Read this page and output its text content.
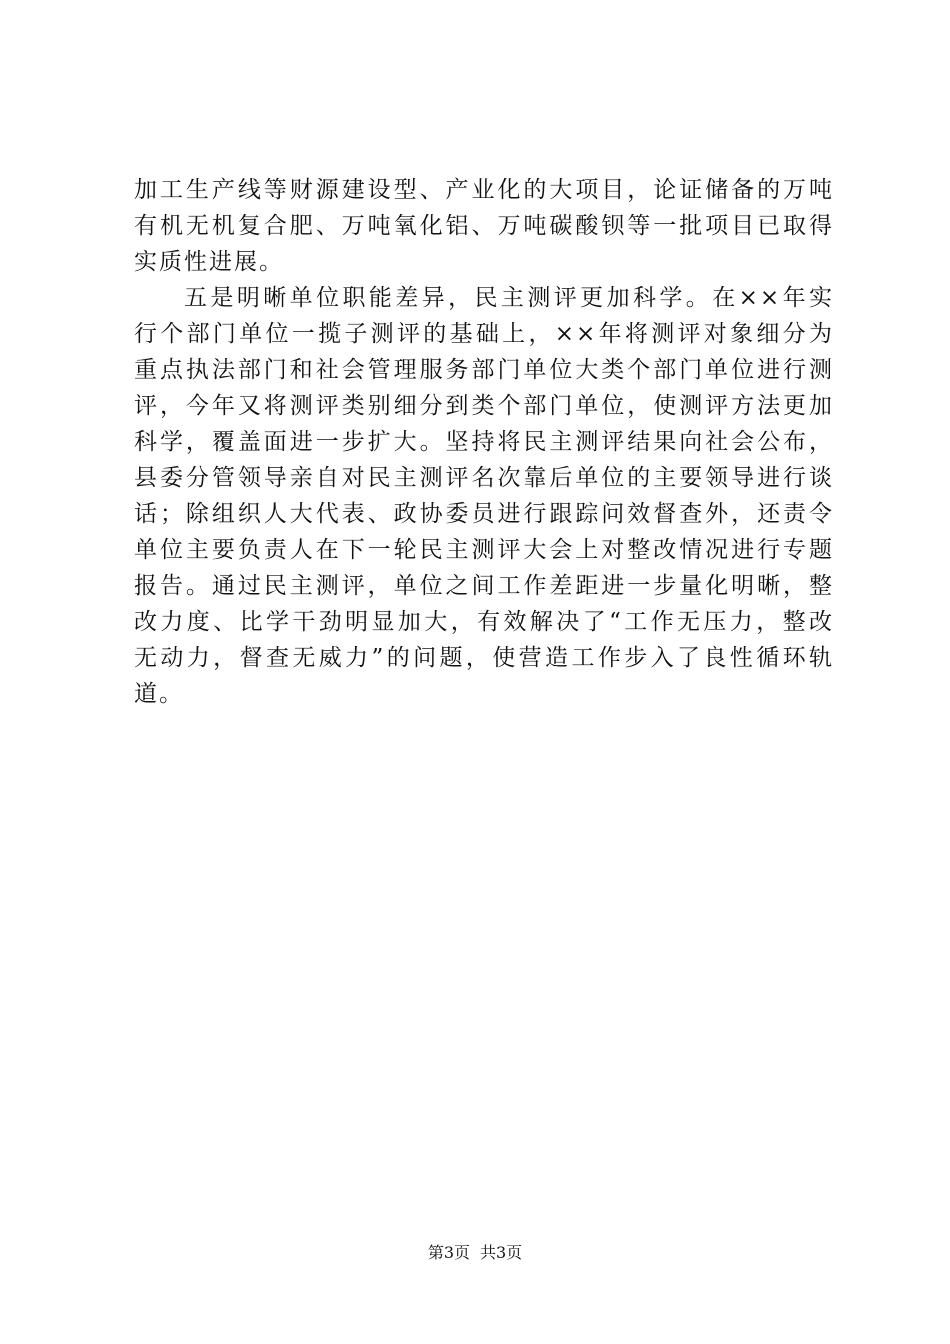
加工生产线等财源建设型、产业化的大项目，论证储备的万吨
有机无机复合肥、万吨氧化铝、万吨碳酸钡等一批项目已取得
实质性进展。
五是明晰单位职能差异，民主测评更加科学。在××年实
行个部门单位一揽子测评的基础上，××年将测评对象细分为
重点执法部门和社会管理服务部门单位大类个部门单位进行测
评，今年又将测评类别细分到类个部门单位，使测评方法更加
科学，覆盖面进一步扩大。坚持将民主测评结果向社会公布，
县委分管领导亲自对民主测评名次靠后单位的主要领导进行谈
话；除组织人大代表、政协委员进行跟踪问效督查外，还责令
单位主要负责人在下一轮民主测评大会上对整改情况进行专题
报告。通过民主测评，单位之间工作差距进一步量化明晰，整
改力度、比学干劲明显加大，有效解决了“工作无压力，整改
无动力，督查无威力”的问题，使营造工作步入了良性循环轨
道。
第3页 共3页
